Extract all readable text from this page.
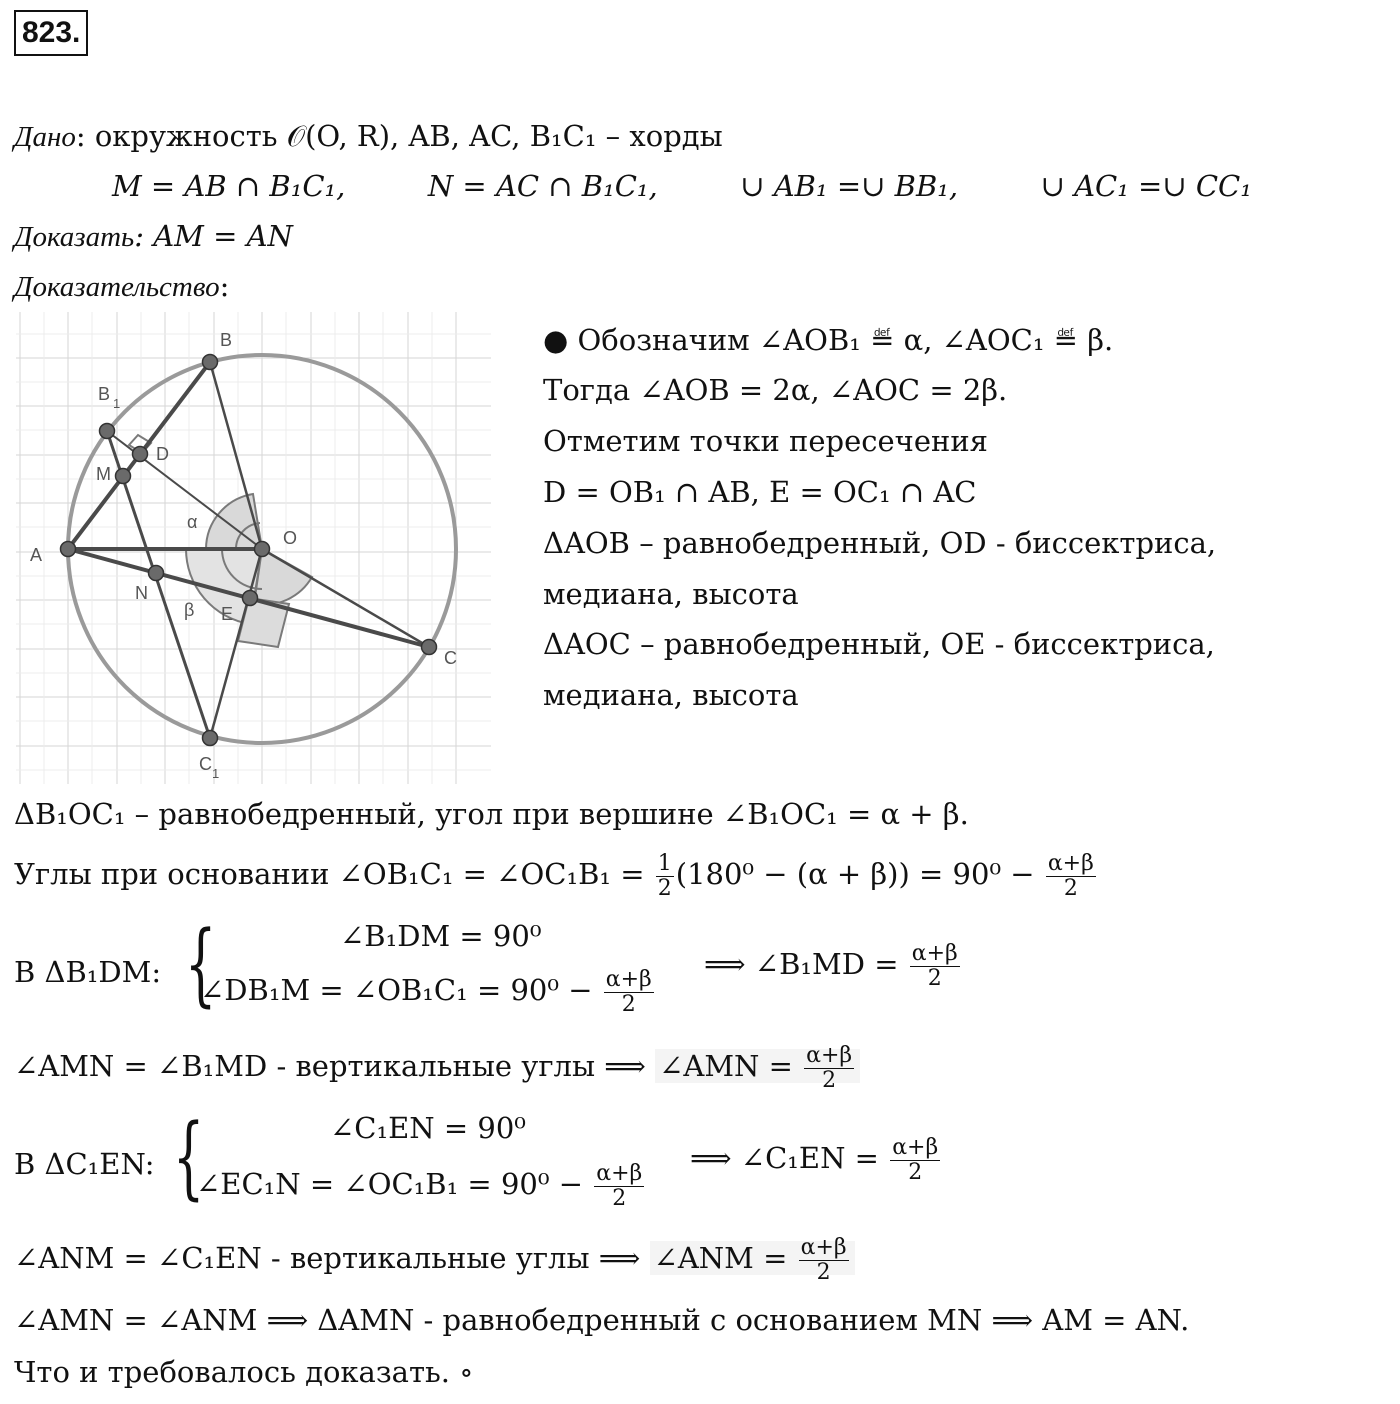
823.
Дано: окружность 𝒪(O, R), AB, AC, B₁C₁ – хорды
M = AB ∩ B₁C₁,	N = AC ∩ B₁C₁,	∪ AB₁ =∪ BB₁,	∪ AC₁ =∪ CC₁
Доказать: AM = AN
Доказательство:
B
B 1
D
M
A
O
N
E
C
C 1
α
β
● Обозначим ∠AOB₁ ≝ α, ∠AOC₁ ≝ β.
Тогда ∠AOB = 2α, ∠AOC = 2β.
Отметим точки пересечения
D = OB₁ ∩ AB, E = OC₁ ∩ AC
ΔAOB – равнобедренный, OD - биссектриса,
медиана, высота
ΔAOC – равнобедренный, OE - биссектриса,
медиана, высота
ΔB₁OC₁ – равнобедренный, угол при вершине ∠B₁OC₁ = α + β.
Углы при основании ∠OB₁C₁ = ∠OC₁B₁ = $\frac{1}{2} (180^0 - (\alpha + \beta)) = 90^0 - \frac{\alpha+\beta}{2}$
В ΔB₁DM: {	∠B₁DM = 90⁰
∠DB₁M = ∠OB₁C₁ = $90^0 - \frac{\alpha+\beta}{2}$
⟹ ∠B₁MD = $\frac{\alpha+\beta}{2}$
∠AMN = ∠B₁MD - вертикальные углы ⟹ ∠AMN = $\frac{\alpha+\beta}{2}$
В ΔC₁EN: {	∠C₁EN = 90⁰
∠EC₁N = ∠OC₁B₁ = $90^0 - \frac{\alpha+\beta}{2}$
⟹ ∠C₁EN = $\frac{\alpha+\beta}{2}$
∠ANM = ∠C₁EN - вертикальные углы ⟹ ∠ANM = $\frac{\alpha+\beta}{2}$
∠AMN = ∠ANM ⟹ ΔAMN - равнобедренный с основанием MN ⟹ AM = AN.
Что и требовалось доказать. ∘
